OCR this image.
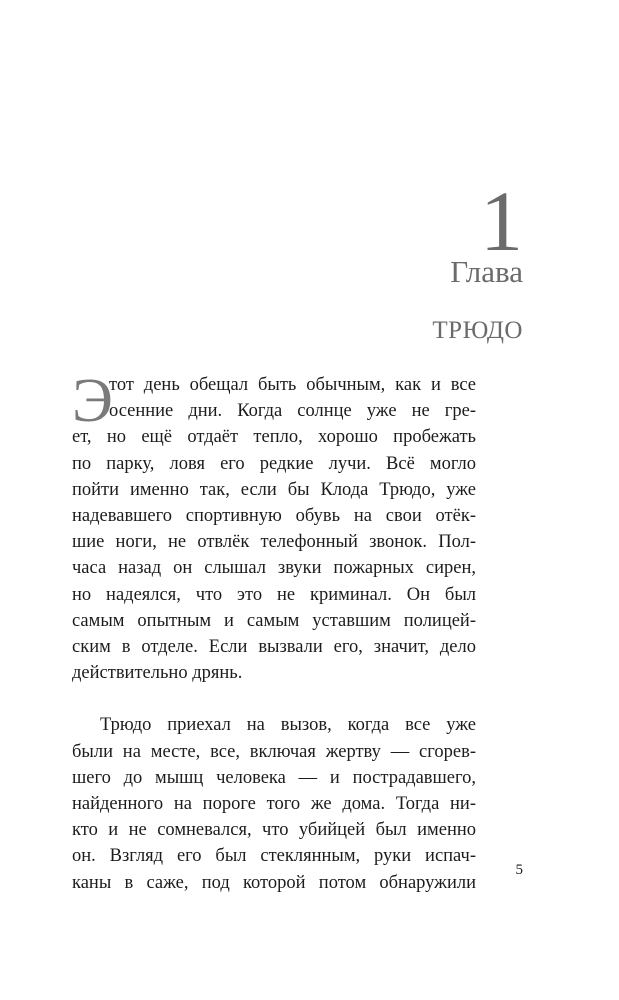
1
Глава
ТРЮДО
Э

тот день обещал быть обычным, как и все
осенние дни. Когда солнце уже не гре-
ет, но ещё отдаёт тепло, хорошо пробежать
по парку, ловя его редкие лучи. Всё могло
пойти именно так, если бы Клода Трюдо, уже
надевавшего спортивную обувь на свои отёк-
шие ноги, не отвлёк телефонный звонок. Пол-
часа назад он слышал звуки пожарных сирен,
но надеялся, что это не криминал. Он был
самым опытным и самым уставшим полицей-
ским в отделе. Если вызвали его, значит, дело
действительно дрянь.

Трюдо приехал на вызов, когда все уже
были на месте, все, включая жертву — сгорев-
шего до мышц человека — и пострадавшего,
найденного на пороге того же дома. Тогда ни-
кто и не сомневался, что убийцей был именно
он. Взгляд его был стеклянным, руки испач-
каны в саже, под которой потом обнаружили

5
